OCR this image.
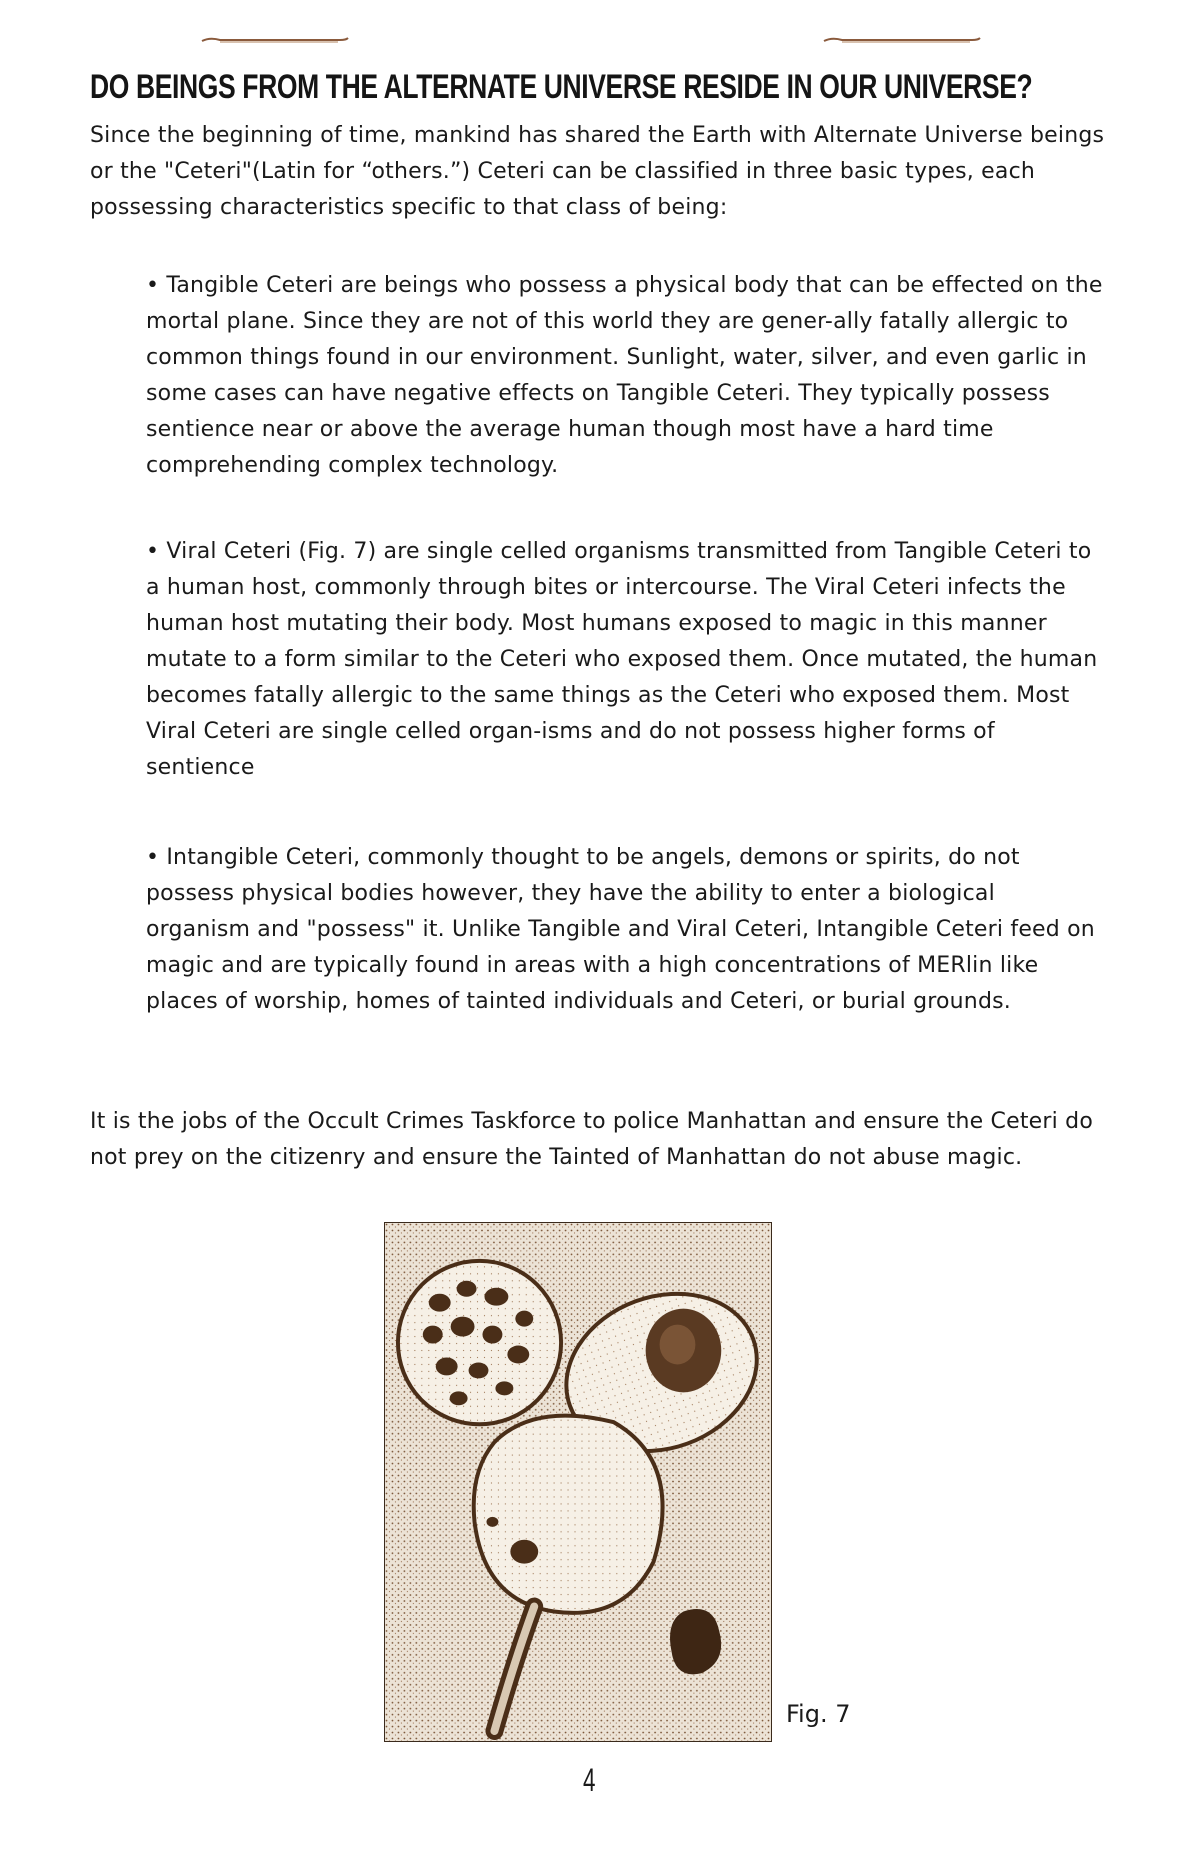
DO BEINGS FROM THE ALTERNATE UNIVERSE RESIDE IN OUR UNIVERSE?

Since the beginning of time, mankind has shared the Earth with Alternate Universe beings or the "Ceteri"(Latin for “others.”) Ceteri can be classified in three basic types, each possessing characteristics specific to that class of being:

• Tangible Ceteri are beings who possess a physical body that can be effected on the mortal plane. Since they are not of this world they are gener-ally fatally allergic to common things found in our environment. Sunlight, water, silver, and even garlic in some cases can have negative effects on Tangible Ceteri. They typically possess sentience near or above the average human though most have a hard time comprehending complex technology.

• Viral Ceteri (Fig. 7) are single celled organisms transmitted from Tangible Ceteri to a human host, commonly through bites or intercourse. The Viral Ceteri infects the human host mutating their body. Most humans exposed to magic in this manner mutate to a form similar to the Ceteri who exposed them. Once mutated, the human becomes fatally allergic to the same things as the Ceteri who exposed them. Most Viral Ceteri are single celled organ-isms and do not possess higher forms of sentience

• Intangible Ceteri, commonly thought to be angels, demons or spirits, do not possess physical bodies however, they have the ability to enter a biological organism and "possess" it. Unlike Tangible and Viral Ceteri, Intangible Ceteri feed on magic and are typically found in areas with a high concentrations of MERlin like places of worship, homes of tainted individuals and Ceteri, or burial grounds.

It is the jobs of the Occult Crimes Taskforce to police Manhattan and ensure the Ceteri do not prey on the citizenry and ensure the Tainted of Manhattan do not abuse magic.

Fig. 7

4
